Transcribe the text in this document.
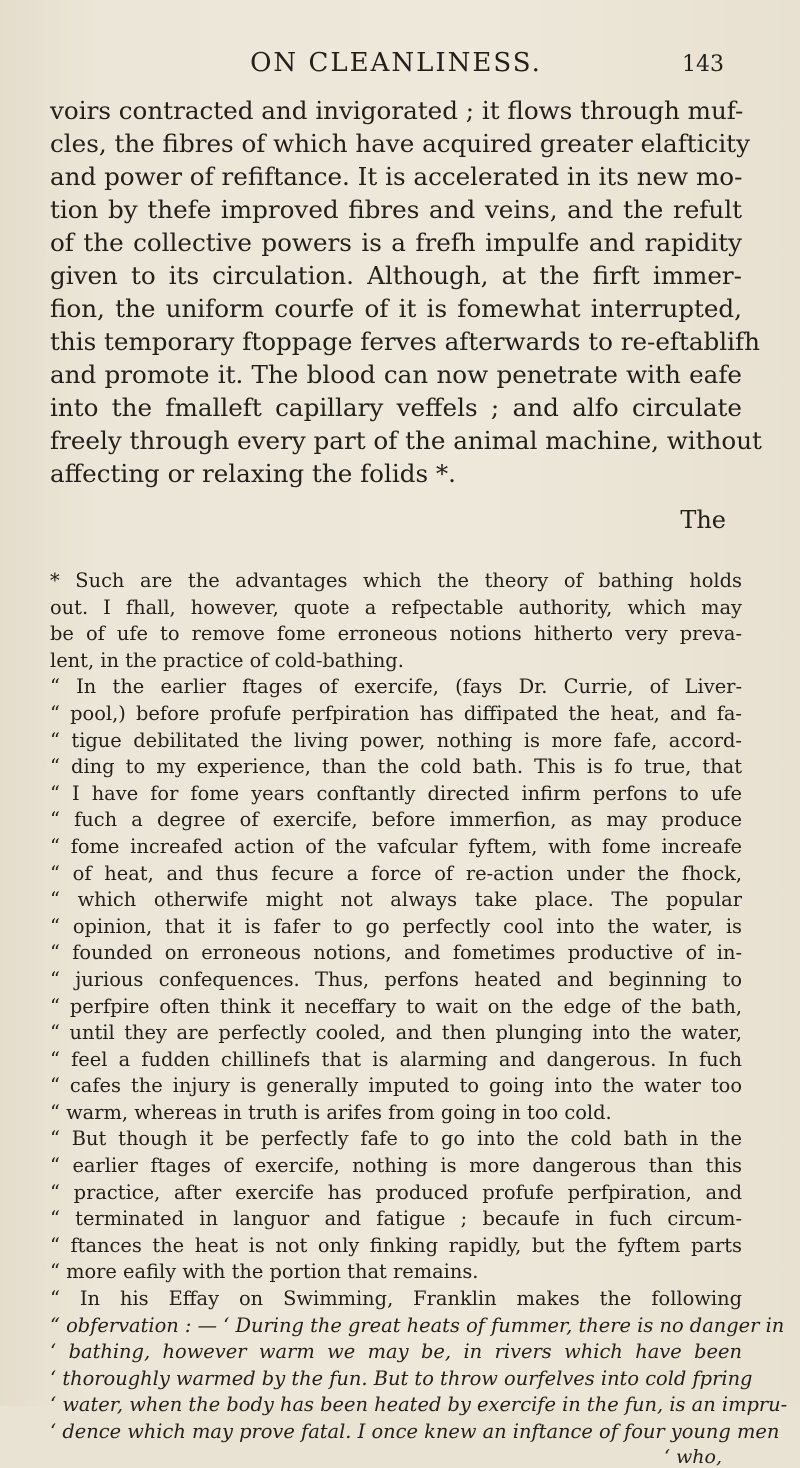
ON CLEANLINESS.	143

voirs contracted and invigorated ; it flows through muf-
cles, the fibres of which have acquired greater elafticity
and power of refiftance. It is accelerated in its new mo-
tion by thefe improved fibres and veins, and the refult
of the collective powers is a frefh impulfe and rapidity
given to its circulation. Although, at the firft immer-
fion, the uniform courfe of it is fomewhat interrupted,
this temporary ftoppage ferves afterwards to re-eftablifh
and promote it. The blood can now penetrate with eafe
into the fmalleft capillary veffels ; and alfo circulate
freely through every part of the animal machine, without
affecting or relaxing the folids *.

The
* Such are the advantages which the theory of bathing holds
out. I fhall, however, quote a refpectable authority, which may
be of ufe to remove fome erroneous notions hitherto very preva-
lent, in the practice of cold-bathing.
“ In the earlier ftages of exercife, (fays Dr. Currie, of Liver-
“ pool,) before profufe perfpiration has diffipated the heat, and fa-
“ tigue debilitated the living power, nothing is more fafe, accord-
“ ding to my experience, than the cold bath. This is fo true, that
“ I have for fome years conftantly directed infirm perfons to ufe
“ fuch a degree of exercife, before immerfion, as may produce
“ fome increafed action of the vafcular fyftem, with fome increafe
“ of heat, and thus fecure a force of re-action under the fhock,
“ which otherwife might not always take place. The popular
“ opinion, that it is fafer to go perfectly cool into the water, is
“ founded on erroneous notions, and fometimes productive of in-
“ jurious confequences. Thus, perfons heated and beginning to
“ perfpire often think it neceffary to wait on the edge of the bath,
“ until they are perfectly cooled, and then plunging into the water,
“ feel a fudden chillinefs that is alarming and dangerous. In fuch
“ cafes the injury is generally imputed to going into the water too
“ warm, whereas in truth is arifes from going in too cold.
“ But though it be perfectly fafe to go into the cold bath in the
“ earlier ftages of exercife, nothing is more dangerous than this
“ practice, after exercife has produced profufe perfpiration, and
“ terminated in languor and fatigue ; becaufe in fuch circum-
“ ftances the heat is not only finking rapidly, but the fyftem parts
“ more eafily with the portion that remains.
“ In his Effay on Swimming, Franklin makes the following
“ obfervation : — ‘ During the great heats of fummer, there is no danger in
‘ bathing, however warm we may be, in rivers which have been
‘ thoroughly warmed by the fun. But to throw ourfelves into cold fpring
‘ water, when the body has been heated by exercife in the fun, is an impru-
‘ dence which may prove fatal. I once knew an inftance of four young men
‘ who,
